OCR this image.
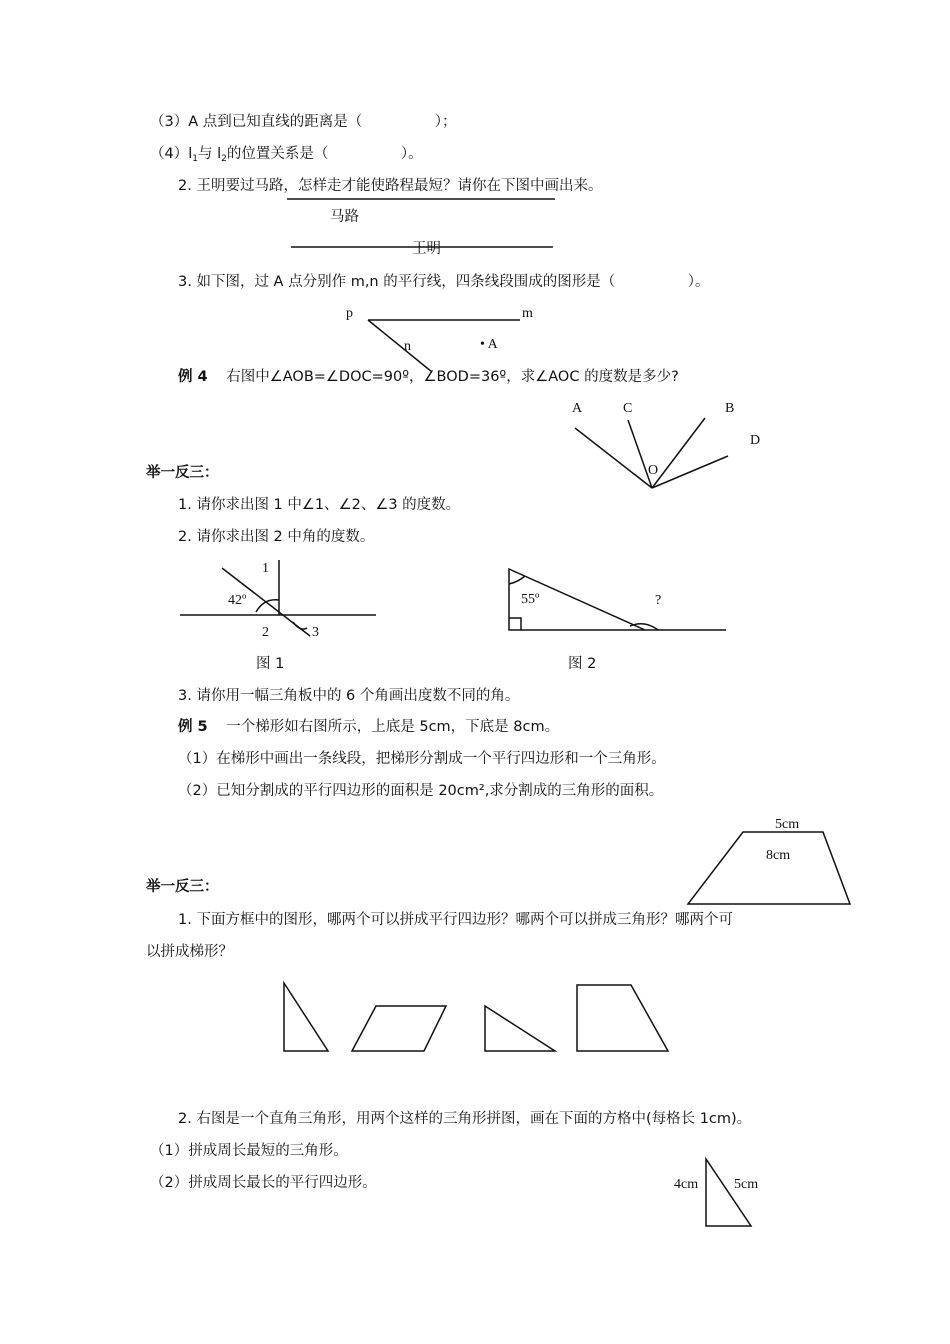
（3）A 点到已知直线的距离是（　　　　　）；
$(4)l_1$与 $l_2$的位置关系是（　　　　　）。
2. 王明要过马路，怎样走才能使路程最短？请你在下图中画出来。
马路
王明
3. 如下图，过 A 点分别作 m,n 的平行线，四条线段围成的图形是（　　　　　）。
p	m
n	• A
例 4 右图中∠AOB=∠DOC=90º，∠BOD=36º，求∠AOC 的度数是多少?
A	C	B
D
O
举一反三：
1. 请你求出图 1 中∠1、∠2、∠3 的度数。
2. 请你求出图 2 中角的度数。
1
42º
2	3
55º	?
图 1	图 2
3. 请你用一幅三角板中的 6 个角画出度数不同的角。
例 5 一个梯形如右图所示，上底是 5cm，下底是 8cm。
（1）在梯形中画出一条线段，把梯形分割成一个平行四边形和一个三角形。
（2）已知分割成的平行四边形的面积是 20cm²,求分割成的三角形的面积。
5cm
8cm
举一反三：
1. 下面方框中的图形，哪两个可以拼成平行四边形？哪两个可以拼成三角形？哪两个可
以拼成梯形？
2. 右图是一个直角三角形，用两个这样的三角形拼图，画在下面的方格中(每格长 1cm)。
（1）拼成周长最短的三角形。
（2）拼成周长最长的平行四边形。	4cm	5cm
